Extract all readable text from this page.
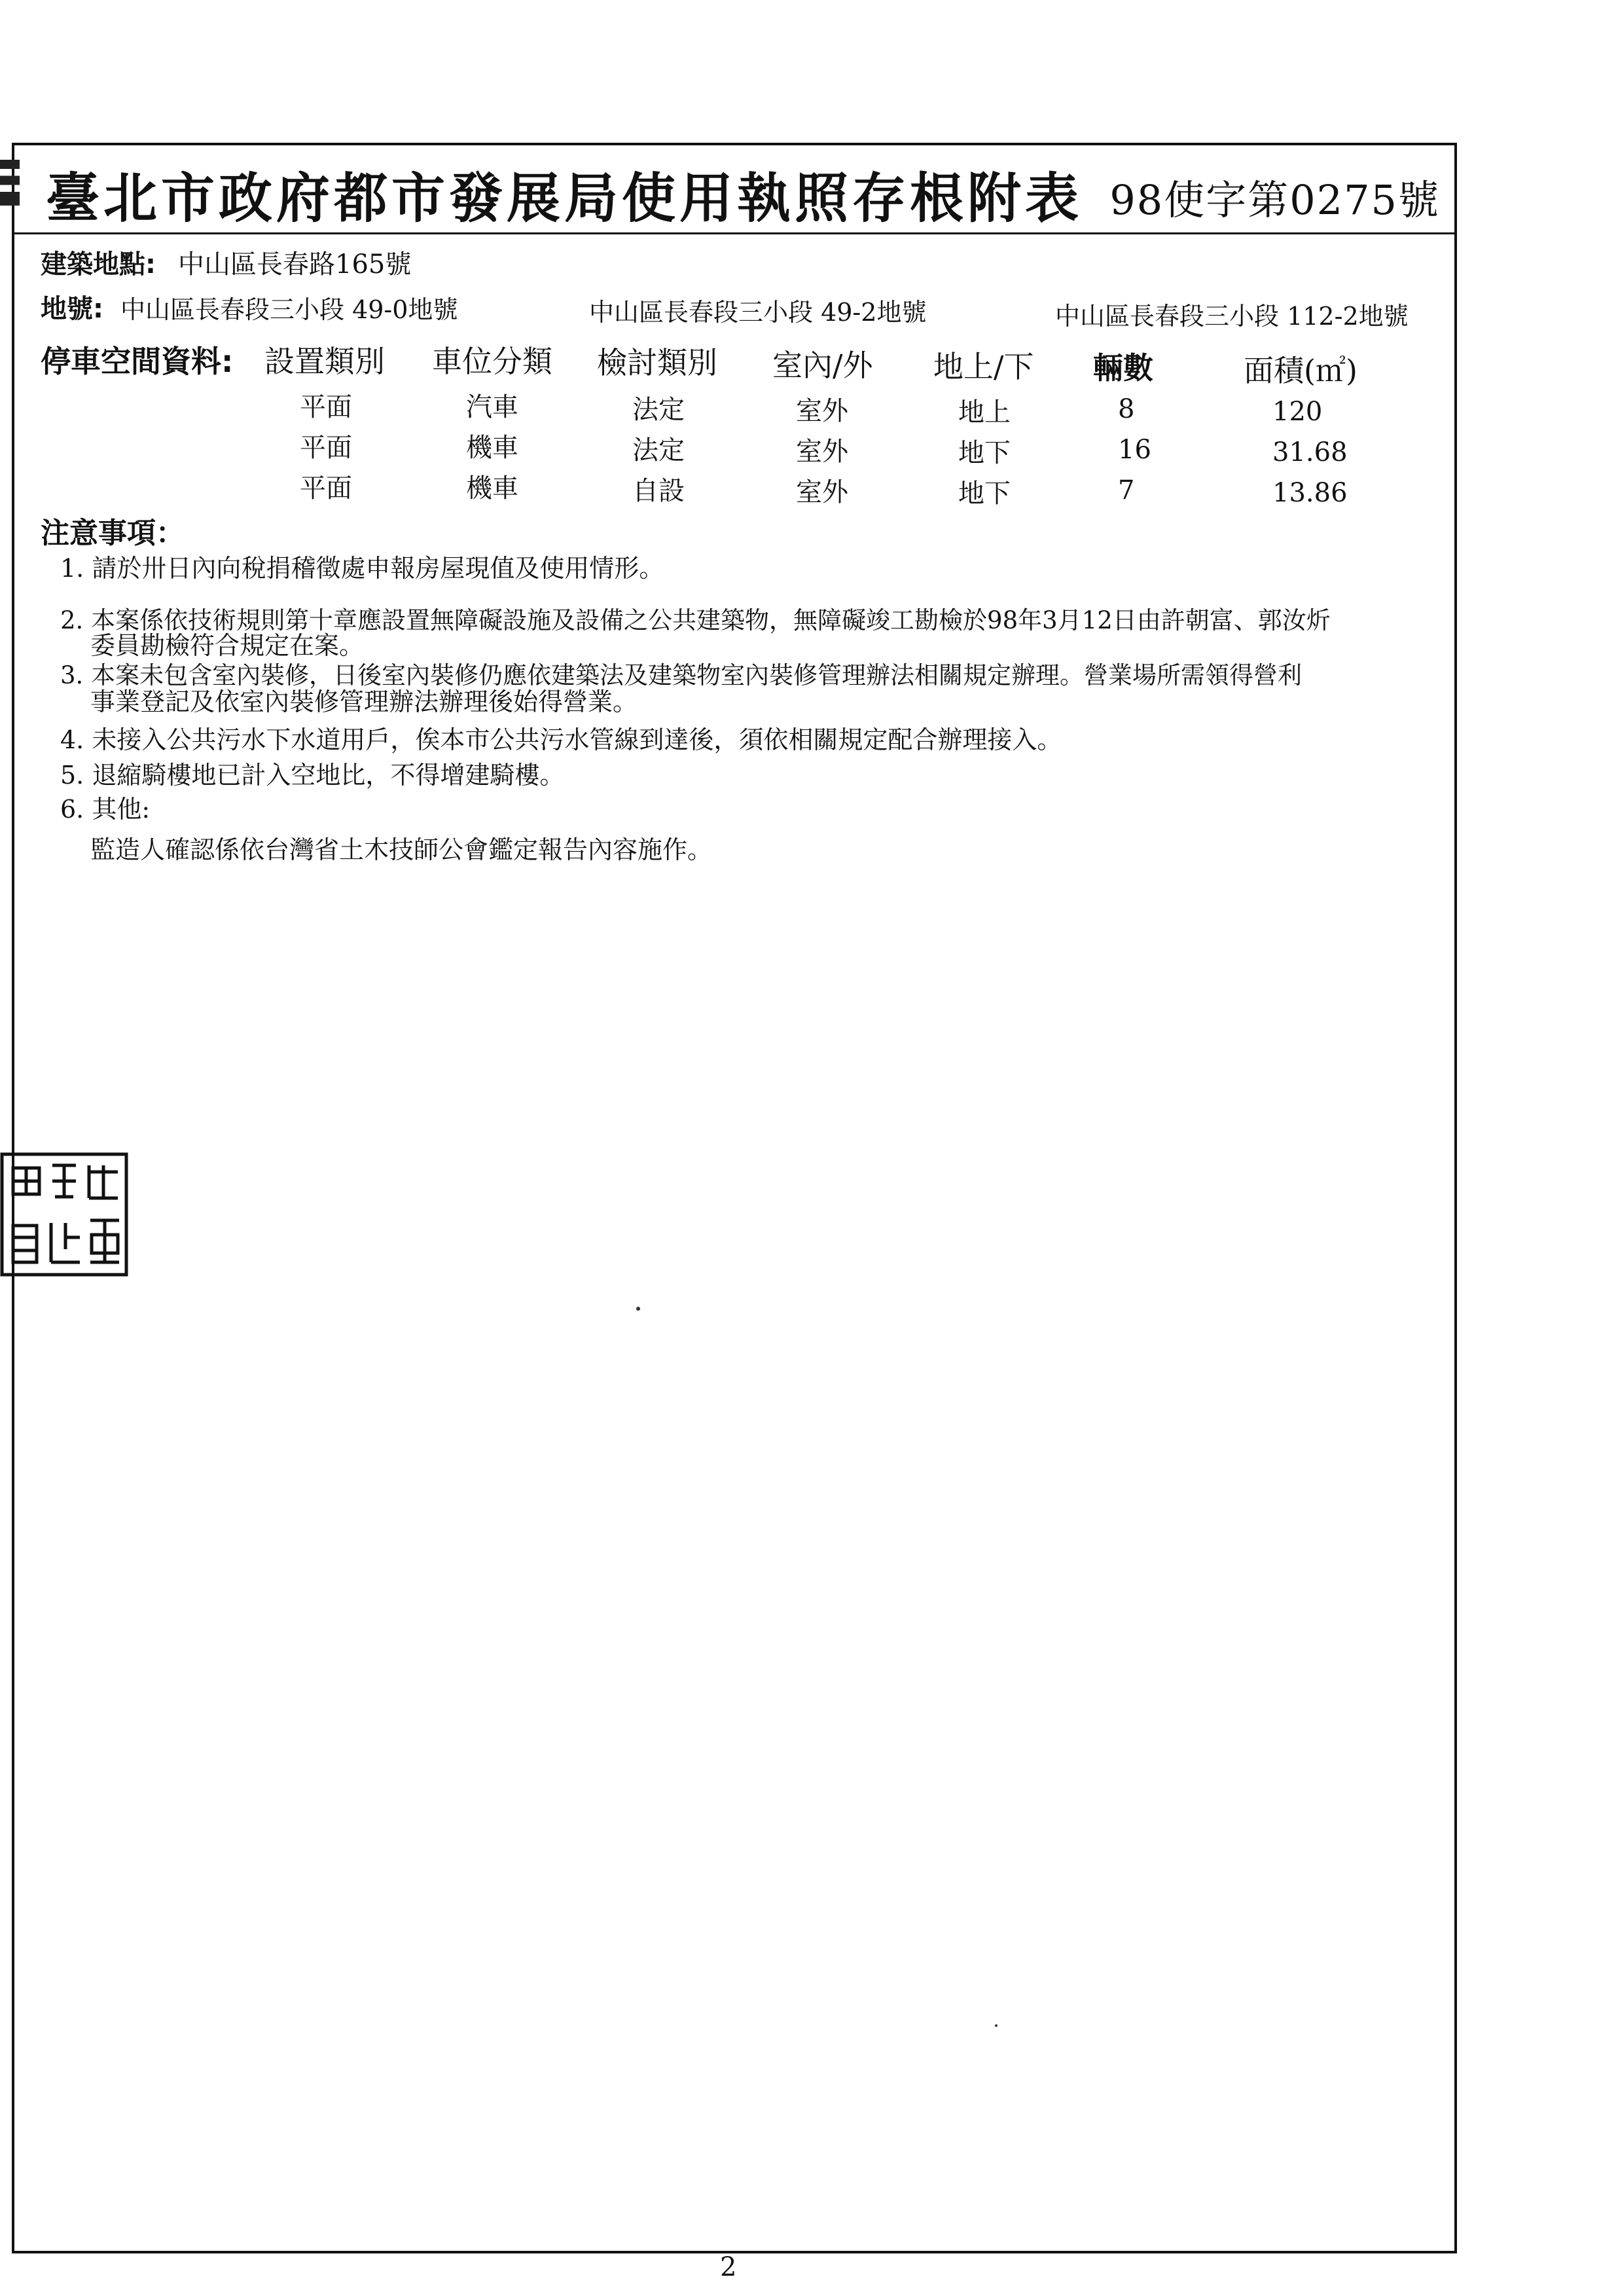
臺北市政府都市發展局使用執照存根附表 98使字第0275號
建築地點: 中山區長春路165號
地號: 中山區長春段三小段 49-0地號	中山區長春段三小段 49-2地號	中山區長春段三小段 112-2地號
停車空間資料: 設置類別 車位分類 檢討類別 室內/外 地上/下 輛數	面積(㎡)
平面	汽車	法定	室外	地上	8	120
平面	機車	法定	室外	地下	16	31.68
平面	機車	自設	室外	地下	7	13.86
注意事項：
1. 請於卅日內向稅捐稽徵處申報房屋現值及使用情形。
2. 本案係依技術規則第十章應設置無障礙設施及設備之公共建築物，無障礙竣工勘檢於98年3月12日由許朝富、郭汝炘
委員勘檢符合規定在案。
3. 本案未包含室內裝修，日後室內裝修仍應依建築法及建築物室內裝修管理辦法相關規定辦理。營業場所需領得營利
事業登記及依室內裝修管理辦法辦理後始得營業。
4. 未接入公共污水下水道用戶，俟本市公共污水管線到達後，須依相關規定配合辦理接入。
5. 退縮騎樓地已計入空地比，不得增建騎樓。
6. 其他:
監造人確認係依台灣省土木技師公會鑑定報告內容施作。
2
